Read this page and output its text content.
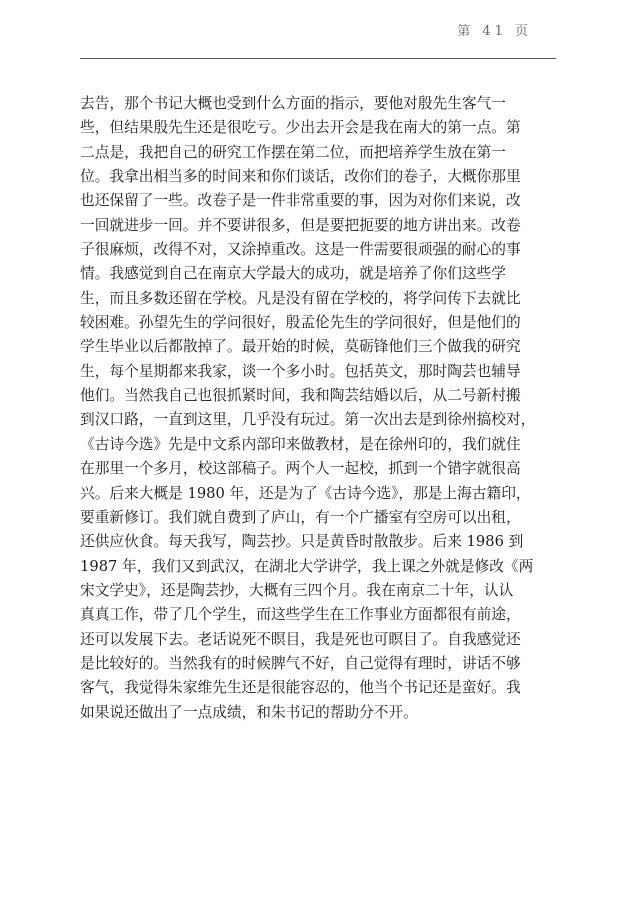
第 41 页
去告，那个书记大概也受到什么方面的指示，要他对殷先生客气一
些，但结果殷先生还是很吃亏。少出去开会是我在南大的第一点。第
二点是，我把自己的研究工作摆在第二位，而把培养学生放在第一
位。我拿出相当多的时间来和你们谈话，改你们的卷子，大概你那里
也还保留了一些。改卷子是一件非常重要的事，因为对你们来说，改
一回就进步一回。并不要讲很多，但是要把扼要的地方讲出来。改卷
子很麻烦，改得不对，又涂掉重改。这是一件需要很顽强的耐心的事
情。我感觉到自己在南京大学最大的成功，就是培养了你们这些学
生，而且多数还留在学校。凡是没有留在学校的，将学问传下去就比
较困难。孙望先生的学问很好，殷孟伦先生的学问很好，但是他们的
学生毕业以后都散掉了。最开始的时候，莫砺锋他们三个做我的研究
生，每个星期都来我家，谈一个多小时。包括英文，那时陶芸也辅导
他们。当然我自己也很抓紧时间，我和陶芸结婚以后，从二号新村搬
到汉口路，一直到这里，几乎没有玩过。第一次出去是到徐州搞校对，
《古诗今选》先是中文系内部印来做教材，是在徐州印的，我们就住
在那里一个多月，校这部稿子。两个人一起校，抓到一个错字就很高
兴。后来大概是 1980 年，还是为了《古诗今选》，那是上海古籍印，
要重新修订。我们就自费到了庐山，有一个广播室有空房可以出租，
还供应伙食。每天我写，陶芸抄。只是黄昏时散散步。后来 1986 到
1987 年，我们又到武汉，在湖北大学讲学，我上课之外就是修改《两
宋文学史》，还是陶芸抄，大概有三四个月。我在南京二十年，认认
真真工作，带了几个学生，而这些学生在工作事业方面都很有前途，
还可以发展下去。老话说死不瞑目，我是死也可瞑目了。自我感觉还
是比较好的。当然我有的时候脾气不好，自己觉得有理时，讲话不够
客气，我觉得朱家维先生还是很能容忍的，他当个书记还是蛮好。我
如果说还做出了一点成绩，和朱书记的帮助分不开。
